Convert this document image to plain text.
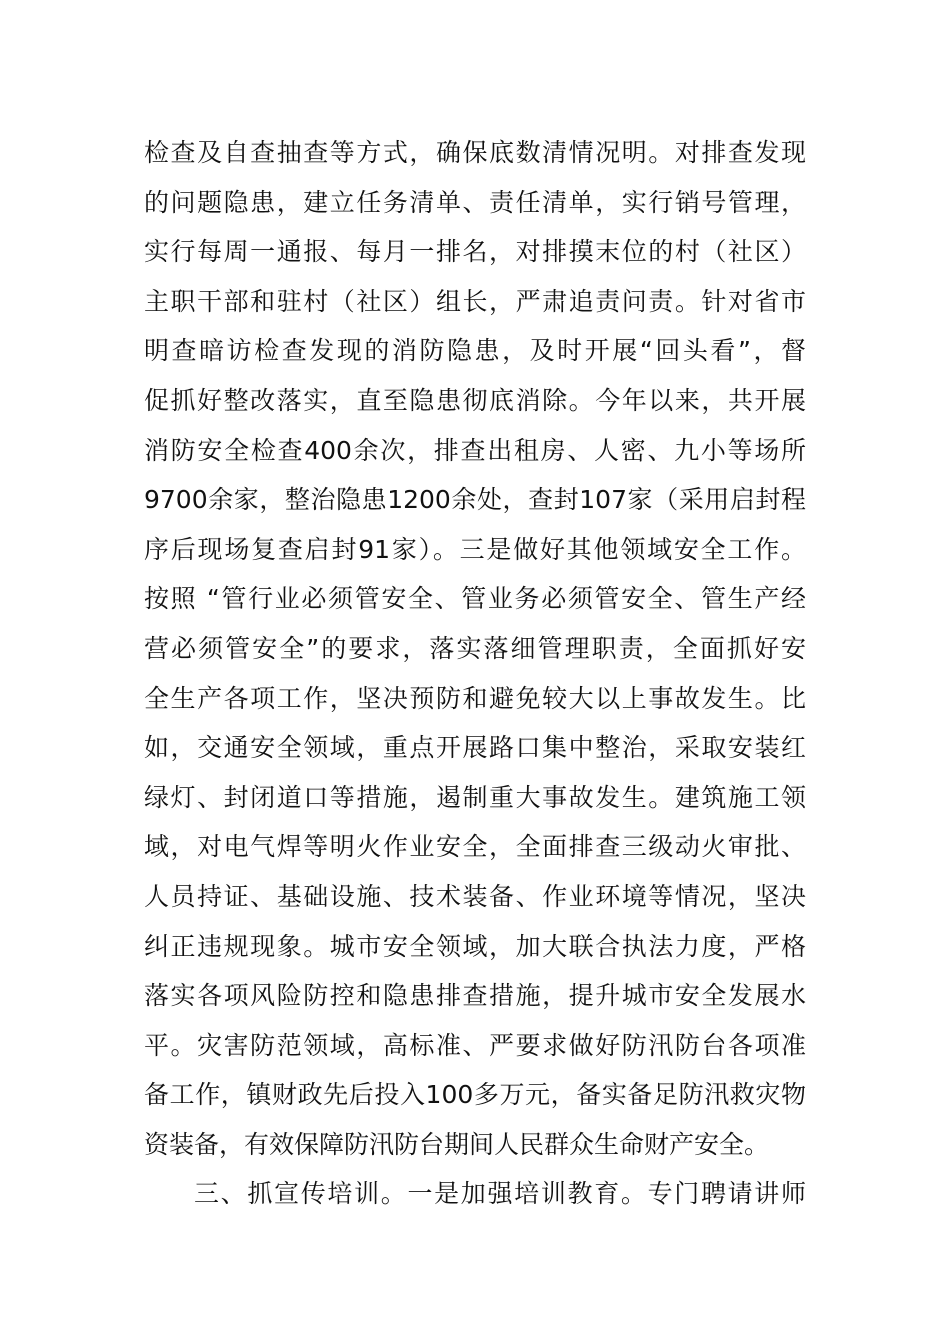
检查及自查抽查等方式，确保底数清情况明。对排查发现
的问题隐患，建立任务清单、责任清单，实行销号管理，
实行每周一通报、每月一排名，对排摸末位的村（社区）
主职干部和驻村（社区）组长，严肃追责问责。针对省市
明查暗访检查发现的消防隐患，及时开展“回头看”，督
促抓好整改落实，直至隐患彻底消除。今年以来，共开展
消防安全检查400余次，排查出租房、人密、九小等场所
9700余家，整治隐患1200余处，查封107家（采用启封程
序后现场复查启封91家）。三是做好其他领域安全工作。
按照 “管行业必须管安全、管业务必须管安全、管生产经
营必须管安全”的要求，落实落细管理职责，全面抓好安
全生产各项工作，坚决预防和避免较大以上事故发生。比
如，交通安全领域，重点开展路口集中整治，采取安装红
绿灯、封闭道口等措施，遏制重大事故发生。建筑施工领
域，对电气焊等明火作业安全，全面排查三级动火审批、
人员持证、基础设施、技术装备、作业环境等情况，坚决
纠正违规现象。城市安全领域，加大联合执法力度，严格
落实各项风险防控和隐患排查措施，提升城市安全发展水
平。灾害防范领域，高标准、严要求做好防汛防台各项准
备工作，镇财政先后投入100多万元，备实备足防汛救灾物
资装备，有效保障防汛防台期间人民群众生命财产安全。
三、抓宣传培训。一是加强培训教育。专门聘请讲师
